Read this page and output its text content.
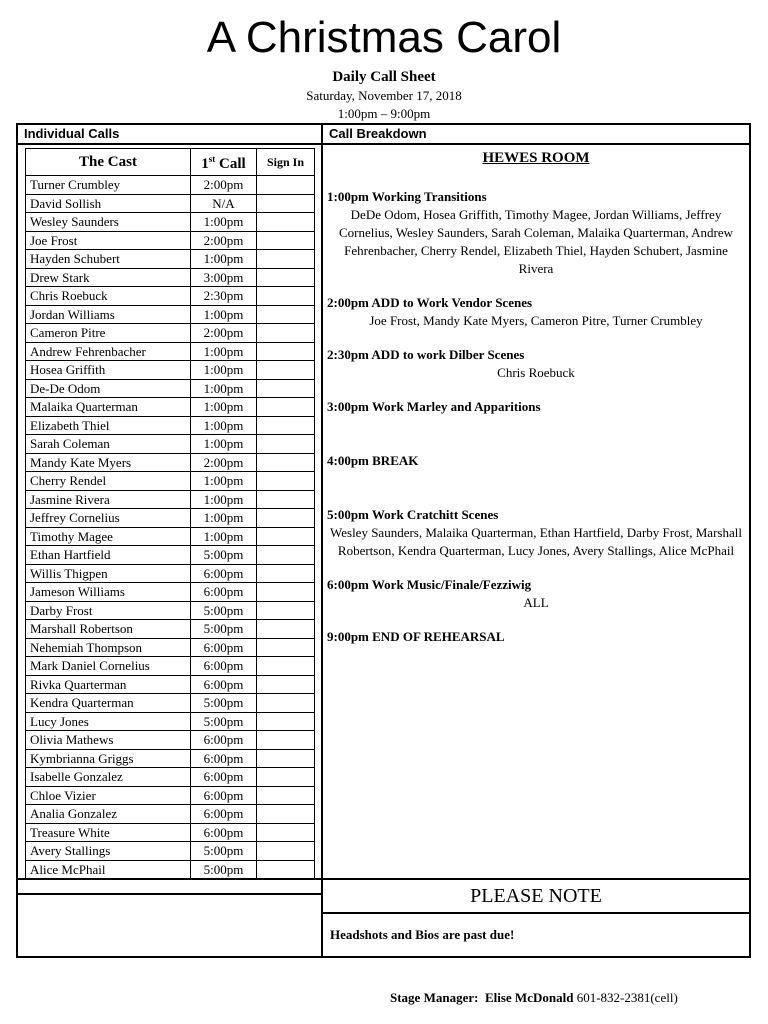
A Christmas Carol
Daily Call Sheet
Saturday, November 17, 2018
1:00pm – 9:00pm
Individual Calls	Call Breakdown
The Cast	1st Call	Sign In
Turner Crumbley	2:00pm	
David Sollish	N/A	
Wesley Saunders	1:00pm	
Joe Frost	2:00pm	
Hayden Schubert	1:00pm	
Drew Stark	3:00pm	
Chris Roebuck	2:30pm	
Jordan Williams	1:00pm	
Cameron Pitre	2:00pm	
Andrew Fehrenbacher	1:00pm	
Hosea Griffith	1:00pm	
De-De Odom	1:00pm	
Malaika Quarterman	1:00pm	
Elizabeth Thiel	1:00pm	
Sarah Coleman	1:00pm	
Mandy Kate Myers	2:00pm	
Cherry Rendel	1:00pm	
Jasmine Rivera	1:00pm	
Jeffrey Cornelius	1:00pm	
Timothy Magee	1:00pm	
Ethan Hartfield	5:00pm	
Willis Thigpen	6:00pm	
Jameson Williams	6:00pm	
Darby Frost	5:00pm	
Marshall Robertson	5:00pm	
Nehemiah Thompson	6:00pm	
Mark Daniel Cornelius	6:00pm	
Rivka Quarterman	6:00pm	
Kendra Quarterman	5:00pm	
Lucy Jones	5:00pm	
Olivia Mathews	6:00pm	
Kymbrianna Griggs	6:00pm	
Isabelle Gonzalez	6:00pm	
Chloe Vizier	6:00pm	
Analia Gonzalez	6:00pm	
Treasure White	6:00pm	
Avery Stallings	5:00pm	
Alice McPhail	5:00pm	
HEWES ROOM
1:00pm Working Transitions
DeDe Odom, Hosea Griffith, Timothy Magee, Jordan Williams, Jeffrey Cornelius, Wesley Saunders, Sarah Coleman, Malaika Quarterman, Andrew Fehrenbacher, Cherry Rendel, Elizabeth Thiel, Hayden Schubert, Jasmine Rivera
2:00pm ADD to Work Vendor Scenes
Joe Frost, Mandy Kate Myers, Cameron Pitre, Turner Crumbley
2:30pm ADD to work Dilber Scenes
Chris Roebuck
3:00pm Work Marley and Apparitions
4:00pm BREAK
5:00pm Work Cratchitt Scenes
Wesley Saunders, Malaika Quarterman, Ethan Hartfield, Darby Frost, Marshall Robertson, Kendra Quarterman, Lucy Jones, Avery Stallings, Alice McPhail
6:00pm Work Music/Finale/Fezziwig
ALL
9:00pm END OF REHEARSAL
PLEASE NOTE
Headshots and Bios are past due!
Stage Manager: Elise McDonald 601-832-2381(cell)
